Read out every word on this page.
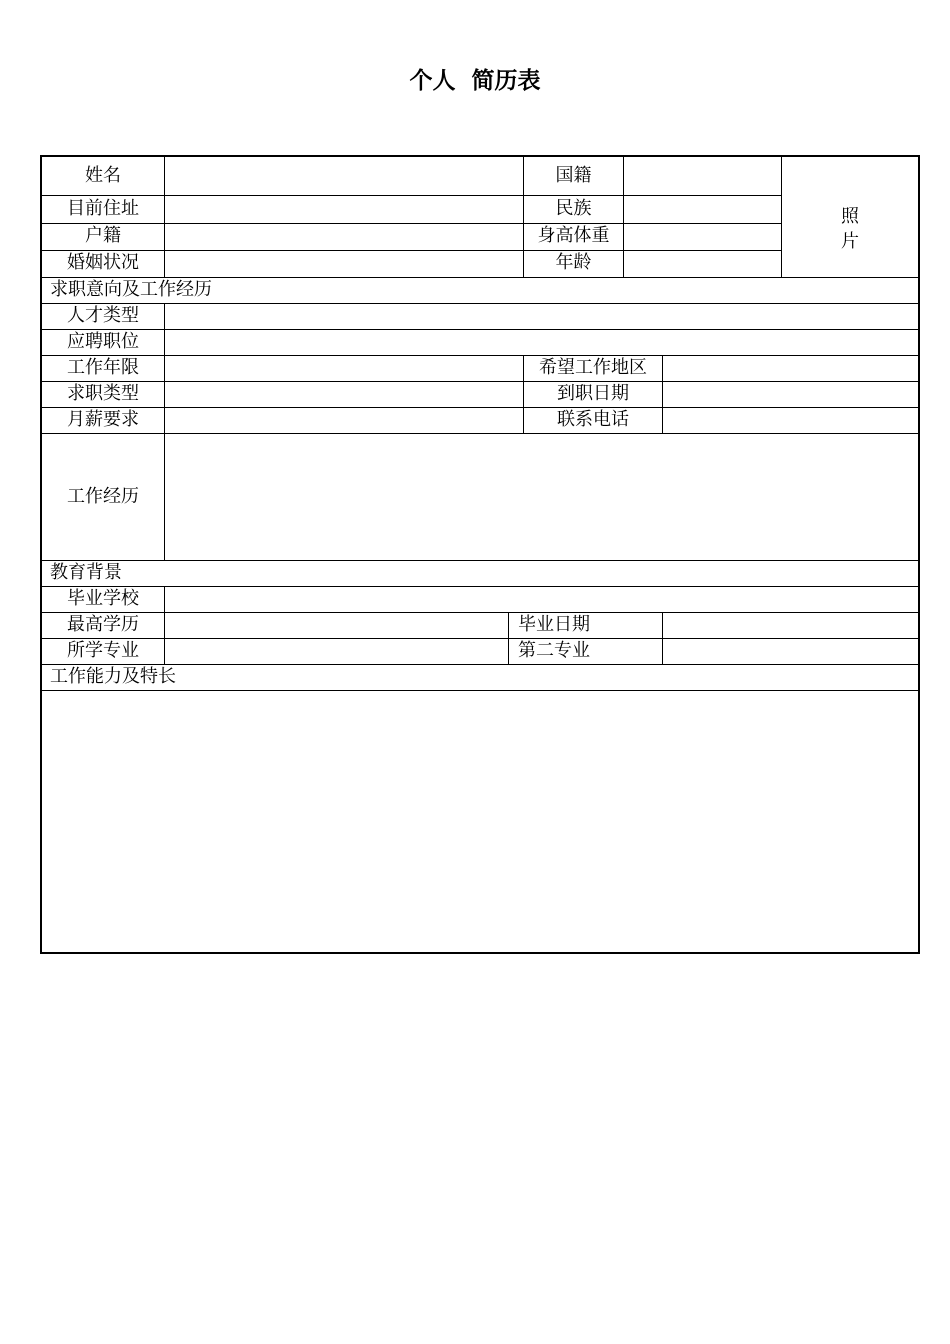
个人  简历表
姓名	国籍
目前住址	民族
户籍	身高体重
婚姻状况	年龄
照
片
求职意向及工作经历
人才类型
应聘职位
工作年限	希望工作地区
求职类型	到职日期
月薪要求	联系电话
工作经历
教育背景
毕业学校
最高学历	毕业日期
所学专业	第二专业
工作能力及特长
